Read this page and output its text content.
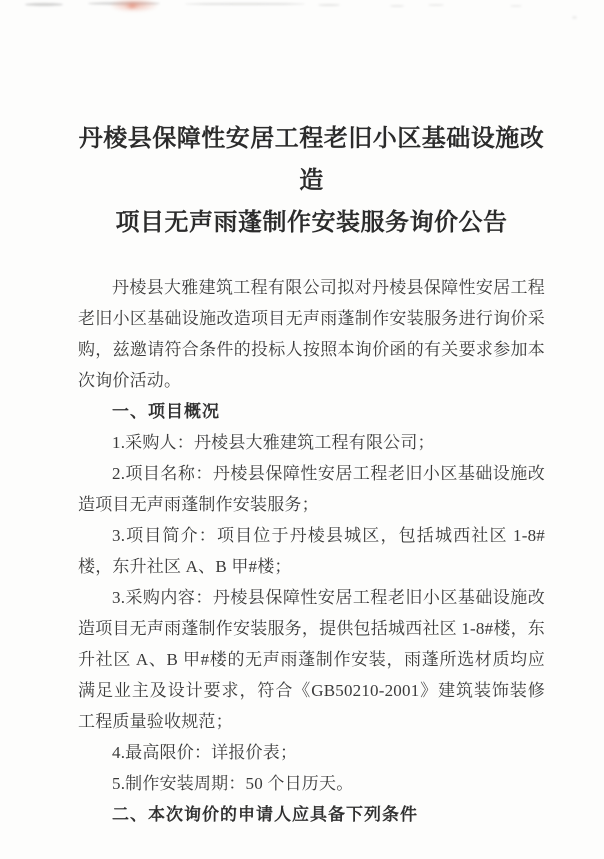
丹棱县保障性安居工程老旧小区基础设施改造
项目无声雨蓬制作安装服务询价公告

丹棱县大雅建筑工程有限公司拟对丹棱县保障性安居工程老旧小区基础设施改造项目无声雨蓬制作安装服务进行询价采购，兹邀请符合条件的投标人按照本询价函的有关要求参加本次询价活动。

一、项目概况

1.采购人：丹棱县大雅建筑工程有限公司；

2.项目名称：丹棱县保障性安居工程老旧小区基础设施改造项目无声雨蓬制作安装服务；

3.项目简介：项目位于丹棱县城区，包括城西社区 1-8#楼，东升社区 A、B 甲#楼；

3.采购内容：丹棱县保障性安居工程老旧小区基础设施改造项目无声雨蓬制作安装服务，提供包括城西社区 1-8#楼，东升社区 A、B 甲#楼的无声雨蓬制作安装，雨蓬所选材质均应满足业主及设计要求，符合《GB50210-2001》建筑装饰装修工程质量验收规范；

4.最高限价：详报价表；

5.制作安装周期：50 个日历天。

二、本次询价的申请人应具备下列条件
